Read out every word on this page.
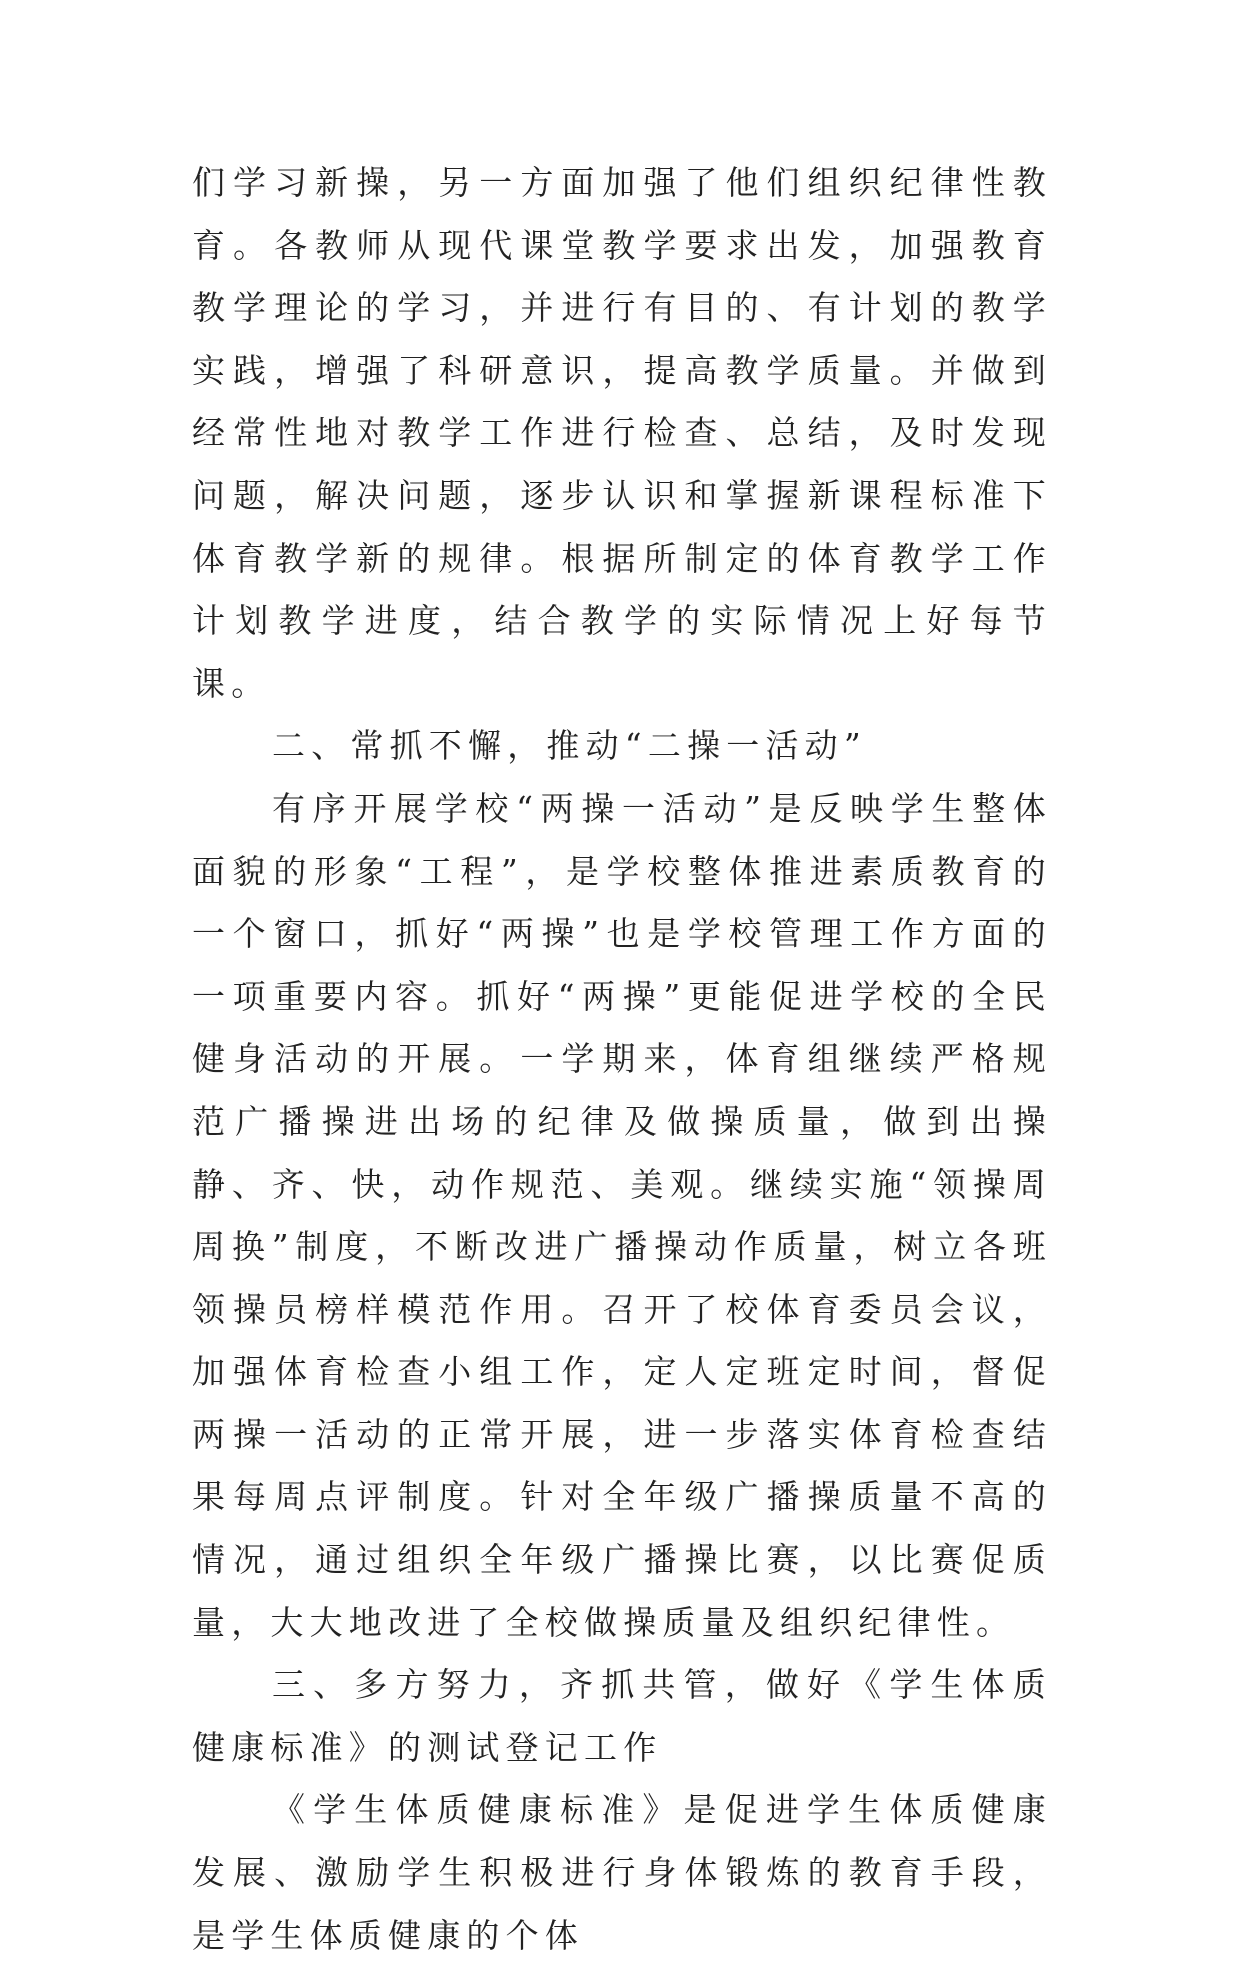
们学习新操，另一方面加强了他们组织纪律性教育。各教师从现代课堂教学要求出发，加强教育教学理论的学习，并进行有目的、有计划的教学实践，增强了科研意识，提高教学质量。并做到经常性地对教学工作进行检查、总结，及时发现问题，解决问题，逐步认识和掌握新课程标准下体育教学新的规律。根据所制定的体育教学工作计划教学进度，结合教学的实际情况上好每节课。

二、常抓不懈，推动“二操一活动”

有序开展学校“两操一活动”是反映学生整体面貌的形象“工程”，是学校整体推进素质教育的一个窗口，抓好“两操”也是学校管理工作方面的一项重要内容。抓好“两操”更能促进学校的全民健身活动的开展。一学期来，体育组继续严格规范广播操进出场的纪律及做操质量，做到出操静、齐、快，动作规范、美观。继续实施“领操周周换”制度，不断改进广播操动作质量，树立各班领操员榜样模范作用。召开了校体育委员会议，加强体育检查小组工作，定人定班定时间，督促两操一活动的正常开展，进一步落实体育检查结果每周点评制度。针对全年级广播操质量不高的情况，通过组织全年级广播操比赛，以比赛促质量，大大地改进了全校做操质量及组织纪律性。

三、多方努力，齐抓共管，做好《学生体质健康标准》的测试登记工作

《学生体质健康标准》是促进学生体质健康发展、激励学生积极进行身体锻炼的教育手段，是学生体质健康的个体
